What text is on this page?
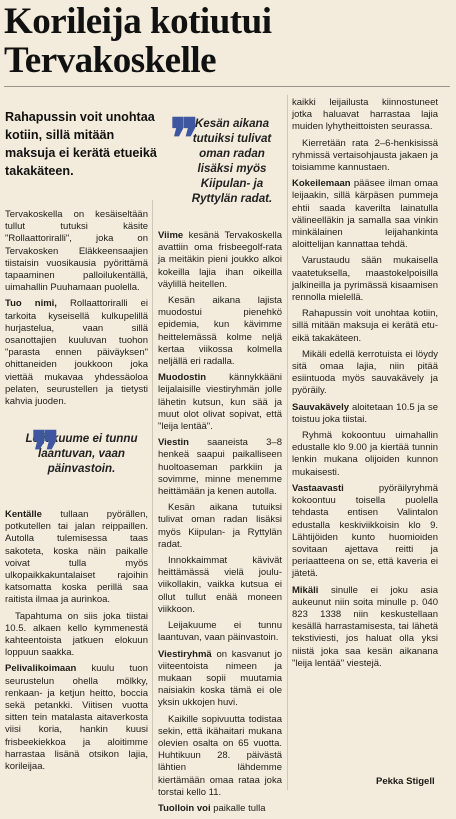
Korileija kotiutui Tervakoskelle

Rahapussin voit unohtaa kotiin, sillä mitään maksuja ei kerätä etueikä takakäteen.

❞
Kesän aikana tutuiksi tulivat oman radan lisäksi myös Kiipulan- ja Ryttylän radat.

Tervakoskella on kesäiseltään tullut tutuksi käsite "Rollaattoriralli", joka on Tervakosken Eläkkeensaajien tiistaisin vuosikausia pyörittämä tapaaminen palloilukentällä, uimahallin Puuhamaan puolella.

Tuo nimi, Rollaattoriralli ei tarkoita kyseisellä kulkupelillä hurjastelua, vaan sillä osanottajien kuuluvan tuohon "parasta ennen päiväyksen" ohittaneiden joukkoon joka viettää mukavaa yhdessäoloa pelaten, seurustellen ja tietysti kahvia juoden.

❞
Leijakuume ei tunnu laantuvan, vaan päinvastoin.

Kentälle tullaan pyörällen, potkutellen tai jalan reippaillen. Autolla tulemisessa taas sakoteta, koska näin paikalle voivat tulla myös ulkopaikkakuntalaiset rajoihin katsomatta koska perillä saa raitista ilmaa ja aurinkoa.

Tapahtuma on siis joka tiistai 10.5. alkaen kello kymmenestä kahteentoista jatkuen elokuun loppuun saakka.

Pelivalikoimaan kuulu tuon seurustelun ohella mölkky, renkaan- ja ketjun heitto, boccia sekä petankki. Viitisen vuotta sitten tein matalasta aitaverkosta viisi koria, hankin kuusi frisbeekiekkoa ja aloitimme harrastaa lisänä otsikon lajia, korileijaa.

Viime kesänä Tervakoskella avattiin oma frisbeegolf-rata ja meitäkin pieni joukko alkoi kokeilla lajia ihan oikeilla väylillä heitellen.

Kesän aikana lajista muodostui pienehkö epidemia, kun kävimme heittelemässä kolme neljä kertaa viikossa kolmella neljällä eri radalla.

Muodostin kännykkääni leijalaisille viestiryhmän jolle lähetin kutsun, kun sää ja muut olot olivat sopivat, että "leija lentää".

Viestin saaneista 3–8 henkeä saapui paikalliseen huoltoaseman parkkiin ja sovimme, minne menemme heittämään ja kenen autolla.

Kesän aikana tutuiksi tulivat oman radan lisäksi myös Kiipulan- ja Ryttylän radat.

Innokkaimmat kävivät heittämässä vielä jouluviikollakin, vaikka kutsua ei ollut tullut enää moneen viikkoon.

Leijakuume ei tunnu laantuvan, vaan päinvastoin.

Viestiryhmä on kasvanut jo viiteentoista nimeen ja mukaan sopii muutamia naisiakin koska tämä ei ole yksin ukkojen huvi.

Kaikille sopivuutta todistaa sekin, että ikähaitari mukana olevien osalta on 65 vuotta. Huhtikuun 28. päivästä lähtien lähdemme kiertämään omaa rataa joka torstai kello 11.

Tuolloin voi paikalle tulla

kaikki leijailusta kiinnostuneet jotka haluavat harrastaa lajia muiden lyhytheittoisten seurassa.

Kierretään rata 2–6-henkisissä ryhmissä vertaisohjausta jakaen ja toisiamme kannustaen.

Kokeilemaan pääsee ilman omaa leijaakin, sillä kärpäsen pummeja ehtii saada kaverilta lainatulla välineelläkin ja samalla saa vinkin minkälainen leijahankinta aloittelijan kannattaa tehdä.

Varustaudu sään mukaisella vaatetuksella, maastokelpoisilla jalkineilla ja pyrimässä kisaamisen rennolla mielellä.

Rahapussin voit unohtaa kotiin, sillä mitään maksuja ei kerätä etu- eikä takakäteen.

Mikäli edellä kerrotuista ei löydy sitä omaa lajia, niin pitää esiintuoda myös sauvakävely ja pyöräily.

Sauvakävely aloitetaan 10.5 ja se toistuu joka tiistai.

Ryhmä kokoontuu uimahallin edustalle klo 9.00 ja kiertää tunnin lenkin mukana olijoiden kunnon mukaisesti.

Vastaavasti pyöräilyryhmä kokoontuu toisella puolella tehdasta entisen Valintalon edustalla keskiviikkoisin klo 9. Lähtijöiden kunto huomioiden sovitaan ajettava reitti ja periaatteena on se, että kaveria ei jätetä.

Mikäli sinulle ei joku asia aukeunut niin soita minulle p. 040 823 1338 niin keskustellaan kesällä harrastamisesta, tai lähetä tekstiviesti, jos haluat olla yksi niistä joka saa kesän aikanana "leija lentää" viestejä.

Pekka Stigell
